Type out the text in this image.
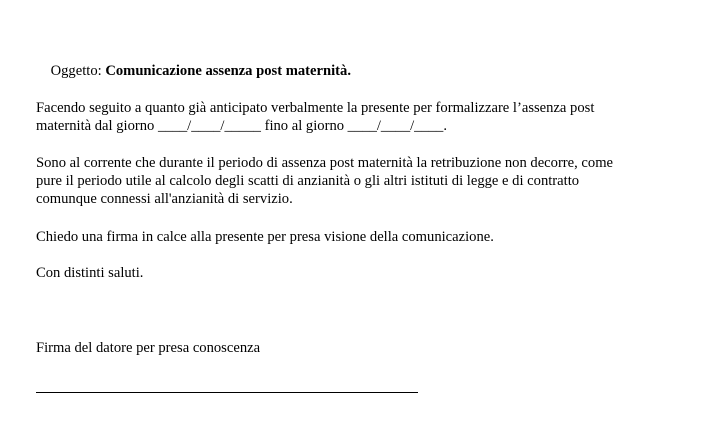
Oggetto: Comunicazione assenza post maternità.

Facendo seguito a quanto già anticipato verbalmente la presente per formalizzare l’assenza post
maternità dal giorno ____/____/_____ fino al giorno ____/____/____.
Sono al corrente che durante il periodo di assenza post maternità la retribuzione non decorre, come
pure il periodo utile al calcolo degli scatti di anzianità o gli altri istituti di legge e di contratto
comunque connessi all'anzianità di servizio.
Chiedo una firma in calce alla presente per presa visione della comunicazione.
Con distinti saluti.
Firma del datore per presa conoscenza
